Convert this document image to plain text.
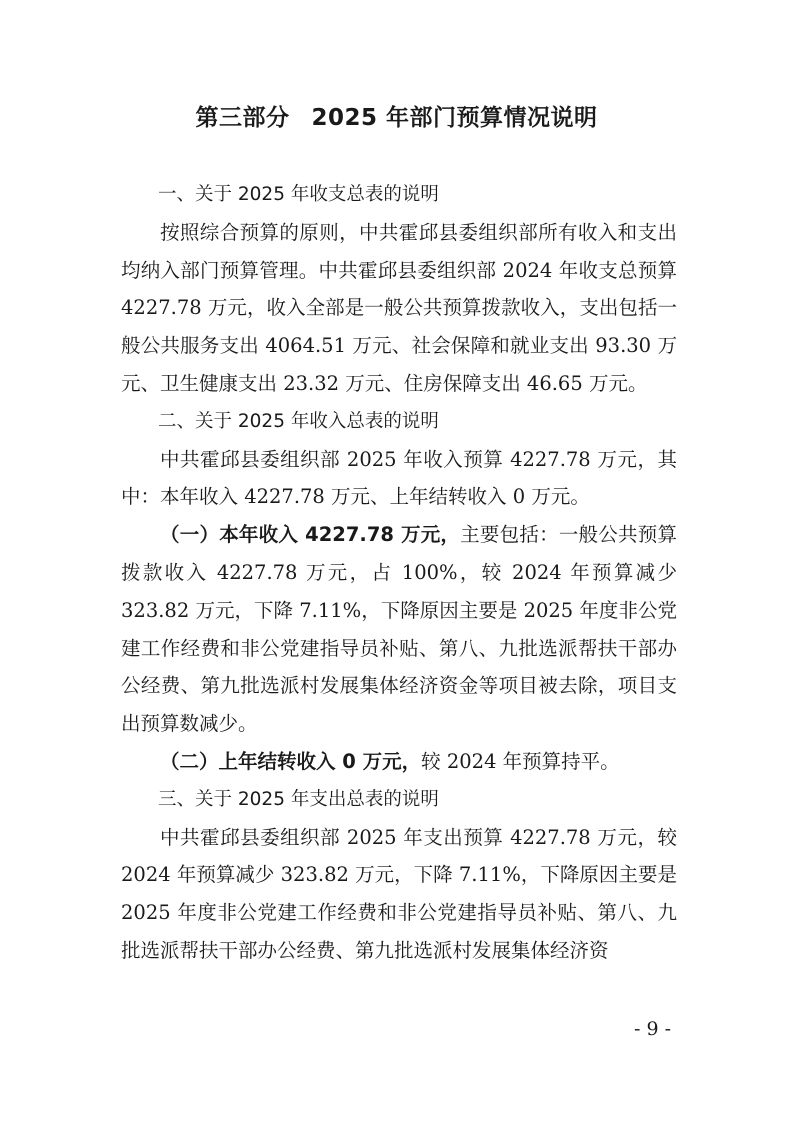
第三部分 2025 年部门预算情况说明

一、关于 2025 年收支总表的说明

按照综合预算的原则，中共霍邱县委组织部所有收入和支出均纳入部门预算管理。中共霍邱县委组织部 2024 年收支总预算 4227.78 万元，收入全部是一般公共预算拨款收入，支出包括一般公共服务支出 4064.51 万元、社会保障和就业支出 93.30 万元、卫生健康支出 23.32 万元、住房保障支出 46.65 万元。

二、关于 2025 年收入总表的说明

中共霍邱县委组织部 2025 年收入预算 4227.78 万元，其中：本年收入 4227.78 万元、上年结转收入 0 万元。

（一）本年收入 4227.78 万元，主要包括：一般公共预算拨款收入 4227.78 万元，占 100%，较 2024 年预算减少 323.82 万元，下降 7.11%，下降原因主要是 2025 年度非公党建工作经费和非公党建指导员补贴、第八、九批选派帮扶干部办公经费、第九批选派村发展集体经济资金等项目被去除，项目支出预算数减少。

（二）上年结转收入 0 万元，较 2024 年预算持平。

三、关于 2025 年支出总表的说明

中共霍邱县委组织部 2025 年支出预算 4227.78 万元，较 2024 年预算减少 323.82 万元，下降 7.11%，下降原因主要是 2025 年度非公党建工作经费和非公党建指导员补贴、第八、九批选派帮扶干部办公经费、第九批选派村发展集体经济资

- 9 -
